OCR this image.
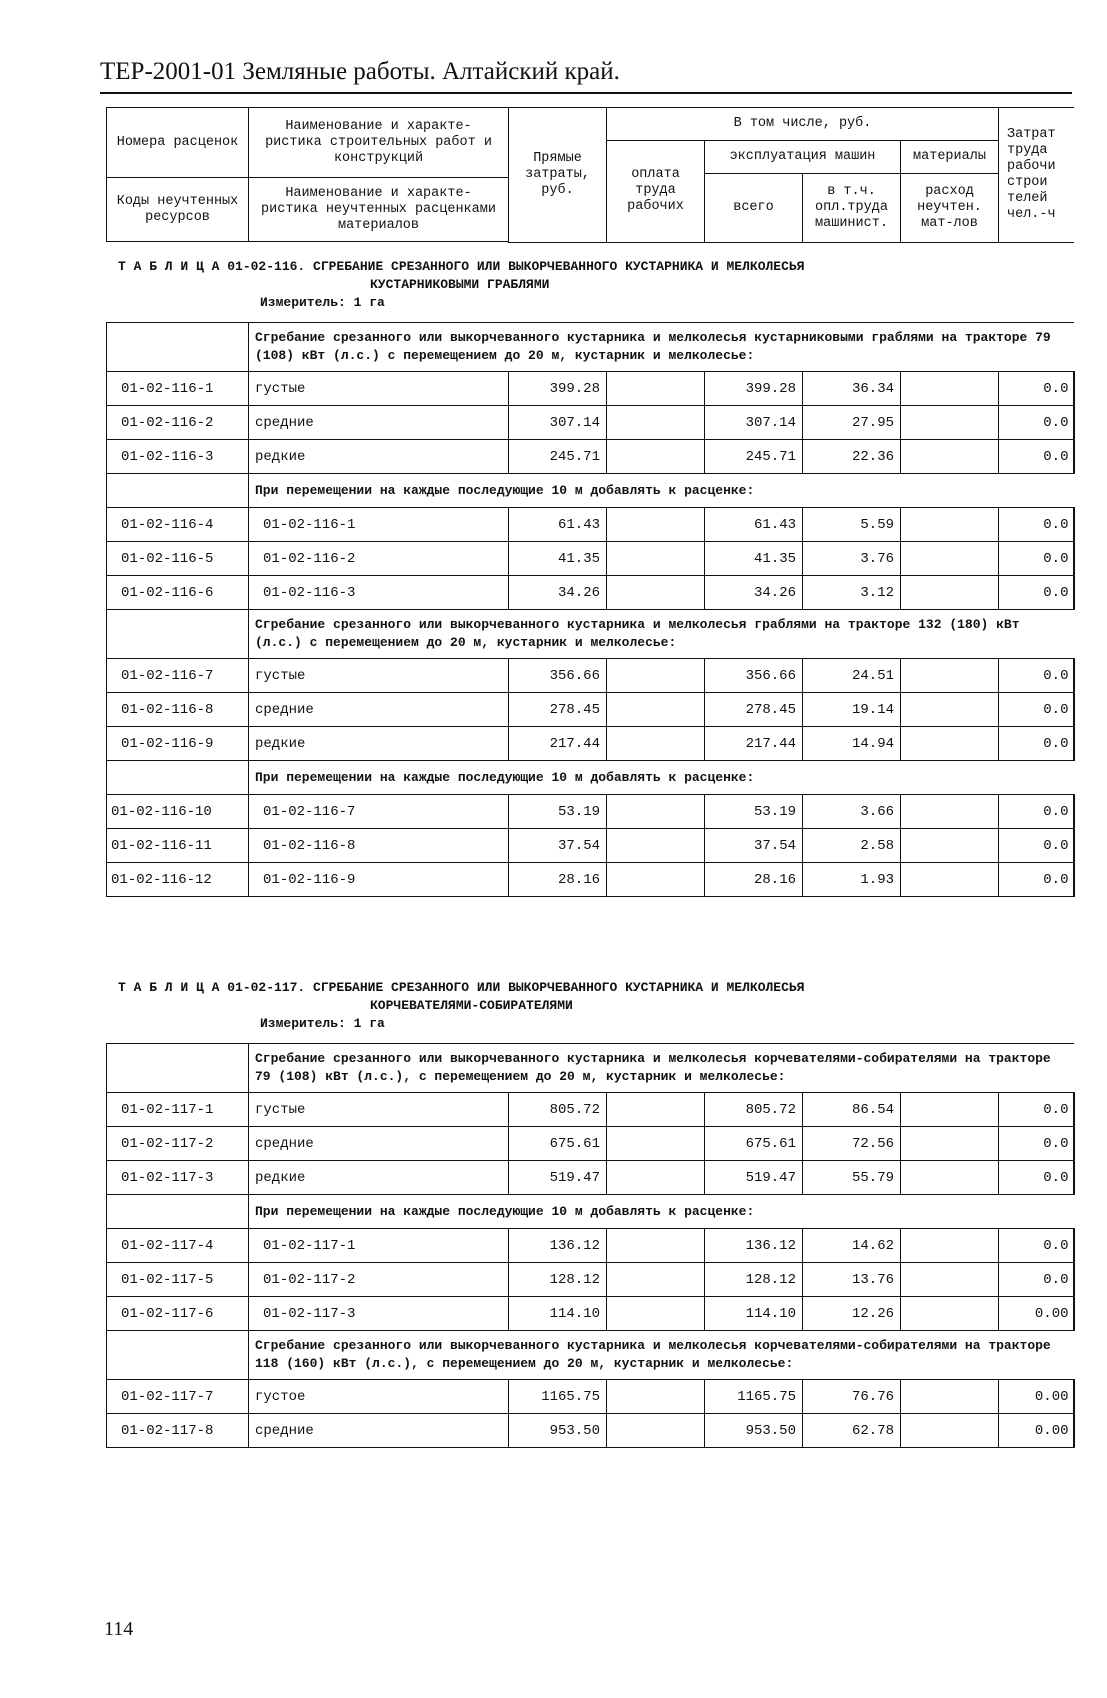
ТЕР-2001-01 Земляные работы. Алтайский край.
Номера расценок	Наименование и характе- ристика строительных работ и конструкций	Прямые затраты, руб.	В том числе, руб.				Затрат труда рабочи строи телей чел.-ч
			оплата труда рабочих	эксплуатация машин		материалы	
				всего	в т.ч. опл.труда машинист.	расход неучтен. мат-лов	
Коды неучтенных ресурсов	Наименование и характе- ристика неучтенных расценками материалов						

Т А Б Л И Ц А 01-02-116. СГРЕБАНИЕ СРЕЗАННОГО ИЛИ ВЫКОРЧЕВАННОГО КУСТАРНИКА И МЕЛКОЛЕСЬЯ
КУСТАРНИКОВЫМИ ГРАБЛЯМИ
Измеритель: 1 га
	Сгребание срезанного или выкорчеванного кустарника и мелколесья кустарниковыми граблями на тракторе 79 (108) кВт (л.с.) с перемещением до 20 м, кустарник и мелколесье:						
01-02-116-1	густые	399.28		399.28	36.34		0.0
01-02-116-2	средние	307.14		307.14	27.95		0.0
01-02-116-3	редкие	245.71		245.71	22.36		0.0
	При перемещении на каждые последующие 10 м добавлять к расценке:						
01-02-116-4	01-02-116-1	61.43		61.43	5.59		0.0
01-02-116-5	01-02-116-2	41.35		41.35	3.76		0.0
01-02-116-6	01-02-116-3	34.26		34.26	3.12		0.0
	Сгребание срезанного или выкорчеванного кустарника и мелколесья граблями на тракторе 132 (180) кВт (л.с.) с перемещением до 20 м, кустарник и мелколесье:						
01-02-116-7	густые	356.66		356.66	24.51		0.0
01-02-116-8	средние	278.45		278.45	19.14		0.0
01-02-116-9	редкие	217.44		217.44	14.94		0.0
	При перемещении на каждые последующие 10 м добавлять к расценке:						
01-02-116-10	01-02-116-7	53.19		53.19	3.66		0.0
01-02-116-11	01-02-116-8	37.54		37.54	2.58		0.0
01-02-116-12	01-02-116-9	28.16		28.16	1.93		0.0
Т А Б Л И Ц А 01-02-117. СГРЕБАНИЕ СРЕЗАННОГО ИЛИ ВЫКОРЧЕВАННОГО КУСТАРНИКА И МЕЛКОЛЕСЬЯ
КОРЧЕВАТЕЛЯМИ-СОБИРАТЕЛЯМИ
Измеритель: 1 га
	Сгребание срезанного или выкорчеванного кустарника и мелколесья корчевателями-собирателями на тракторе 79 (108) кВт (л.с.), с перемещением до 20 м, кустарник и мелколесье:						
01-02-117-1	густые	805.72		805.72	86.54		0.0
01-02-117-2	средние	675.61		675.61	72.56		0.0
01-02-117-3	редкие	519.47		519.47	55.79		0.0
	При перемещении на каждые последующие 10 м добавлять к расценке:						
01-02-117-4	01-02-117-1	136.12		136.12	14.62		0.0
01-02-117-5	01-02-117-2	128.12		128.12	13.76		0.0
01-02-117-6	01-02-117-3	114.10		114.10	12.26		0.00
	Сгребание срезанного или выкорчеванного кустарника и мелколесья корчевателями-собирателями на тракторе 118 (160) кВт (л.с.), с перемещением до 20 м, кустарник и мелколесье:						
01-02-117-7	густое	1165.75		1165.75	76.76		0.00
01-02-117-8	средние	953.50		953.50	62.78		0.00
114
